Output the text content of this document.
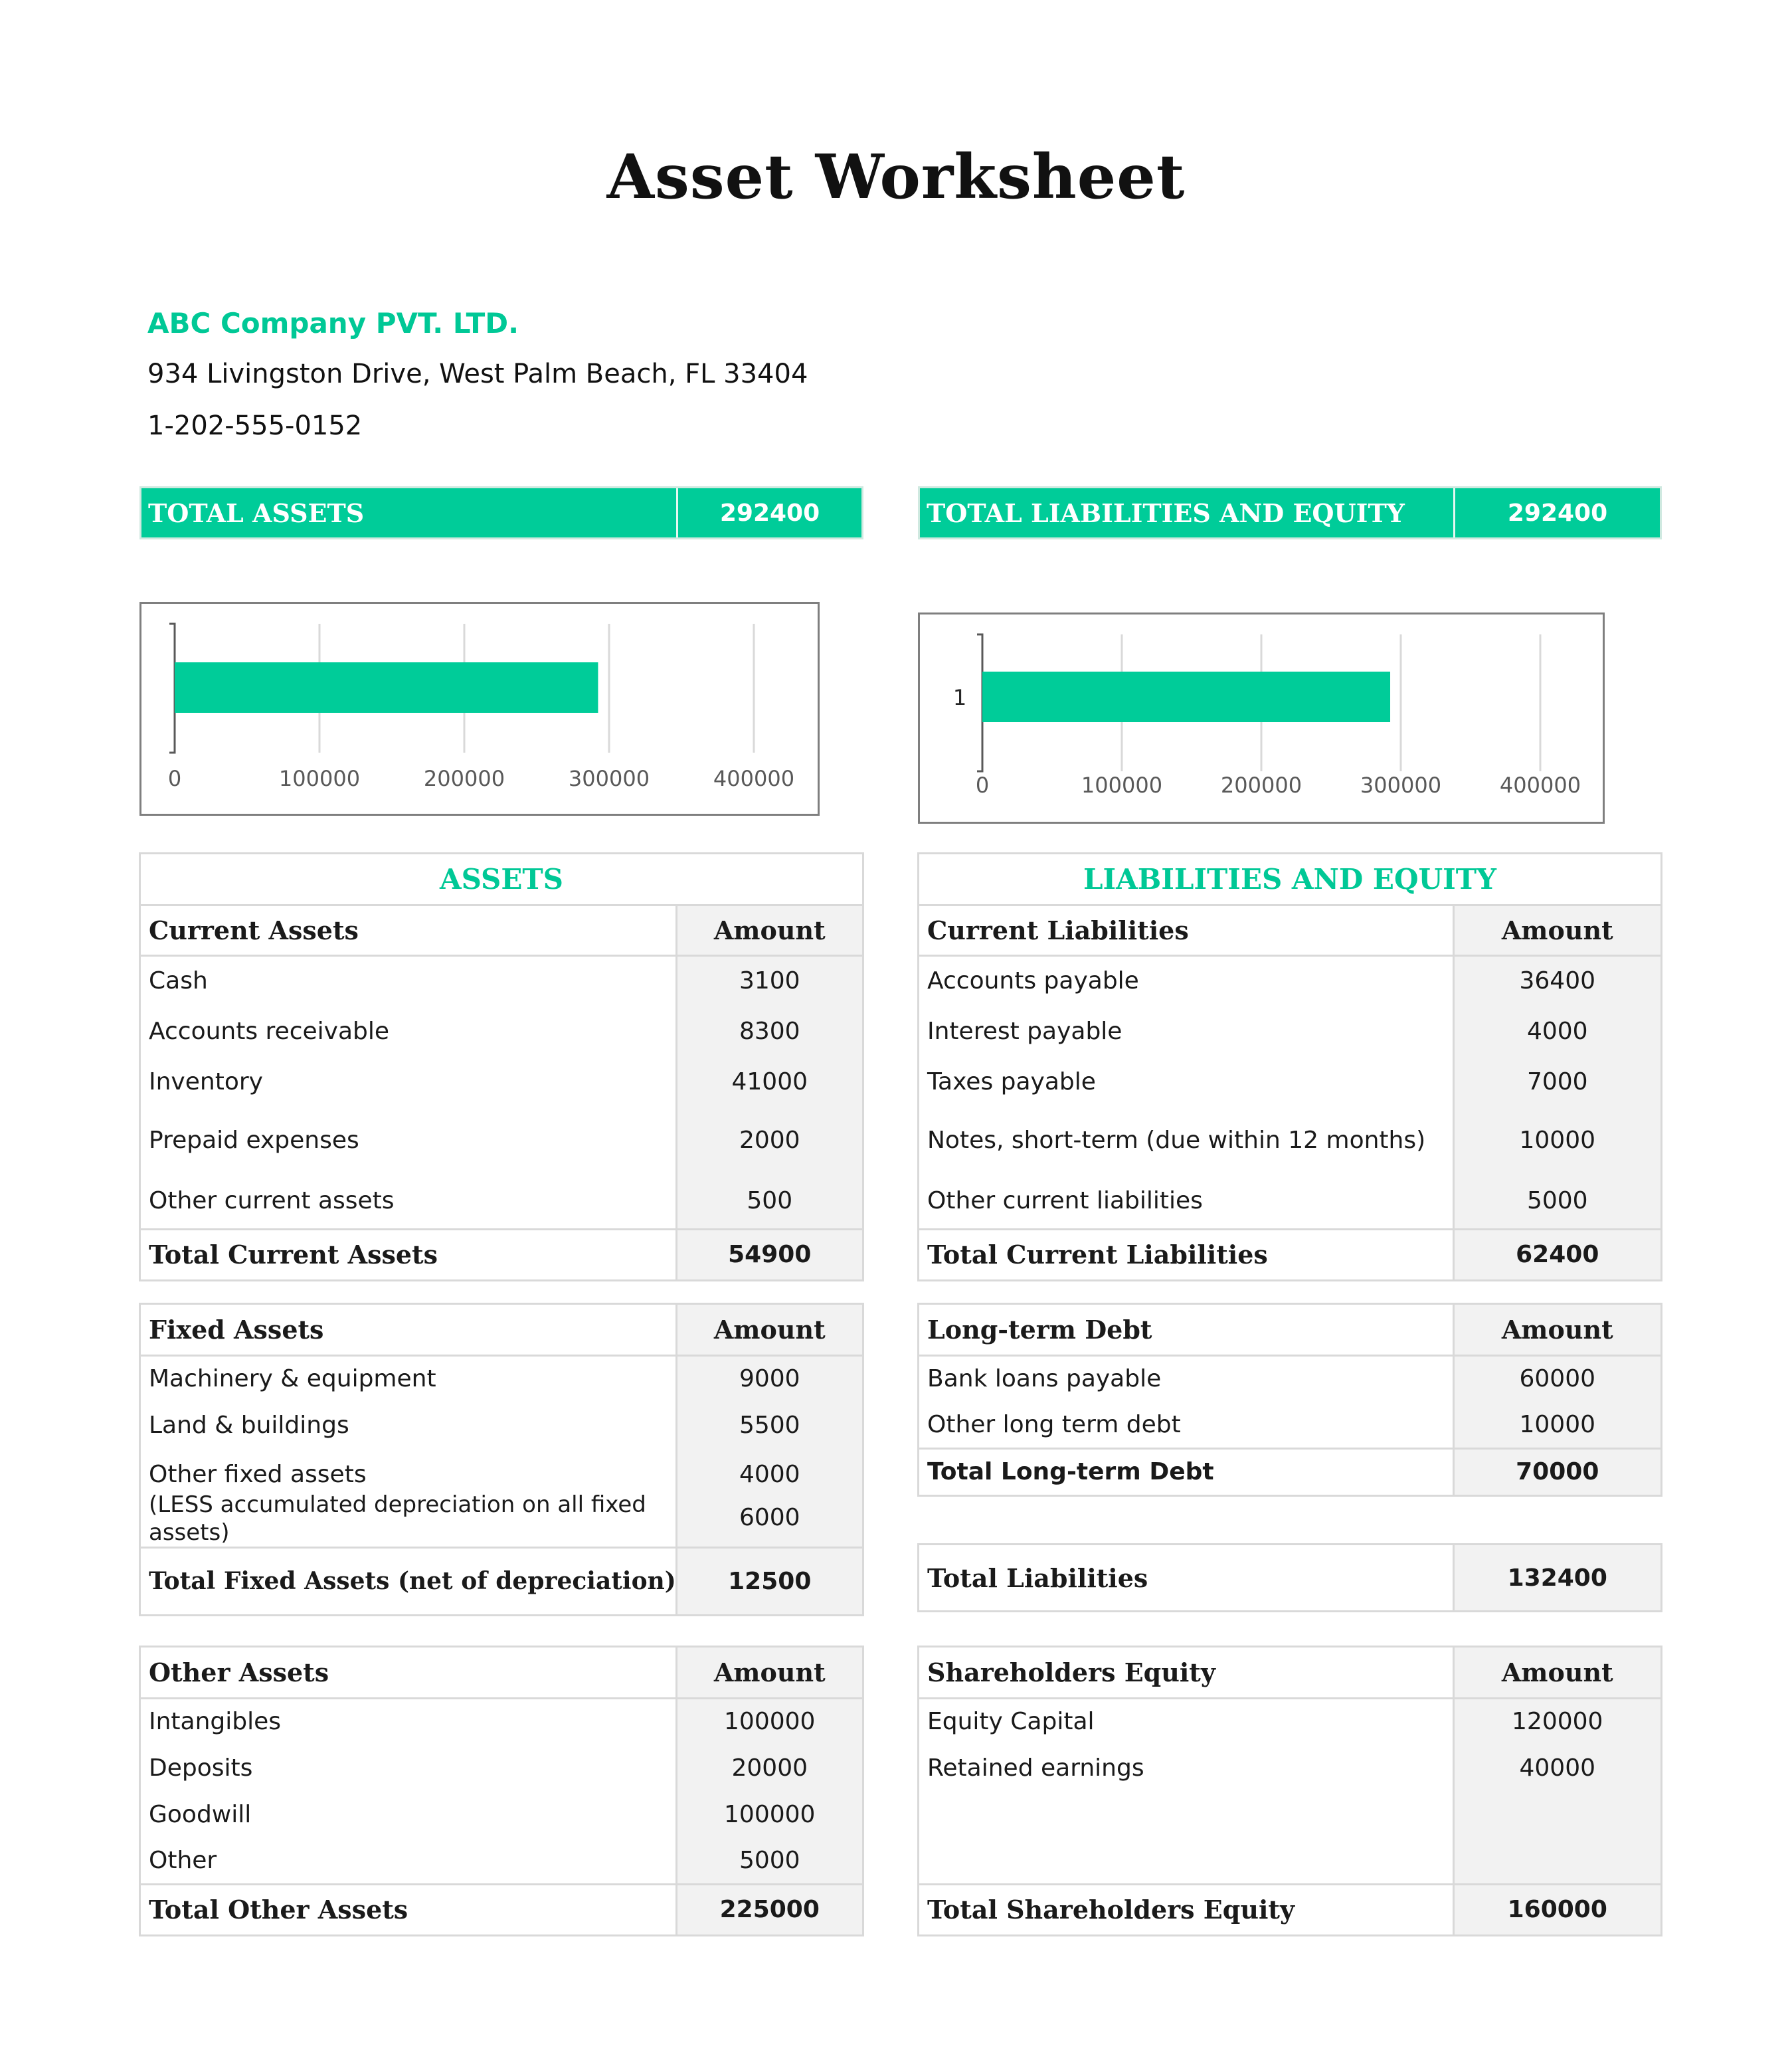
Asset Worksheet
ABC Company PVT. LTD.
934 Livingston Drive, West Palm Beach, FL 33404
1-202-555-0152
TOTAL ASSETS	292400	TOTAL LIABILITIES AND EQUITY	292400
0	100000	200000	300000	400000	0	100000	200000	300000	400000
1
ASSETS	
Current Assets	Amount
Cash	3100
Accounts receivable	8300
Inventory	41000
Prepaid expenses	2000
Other current assets	500
Total Current Assets	54900
LIABILITIES AND EQUITY	
Current Liabilities	Amount
Accounts payable	36400
Interest payable	4000
Taxes payable	7000
Notes, short-term (due within 12 months)	10000
Other current liabilities	5000
Total Current Liabilities	62400
Fixed Assets	Amount
Machinery & equipment	9000
Land & buildings	5500
Other fixed assets	4000
(LESS accumulated depreciation on all fixed assets)	6000
Total Fixed Assets (net of depreciation)	12500
Long-term Debt	Amount
Bank loans payable	60000
Other long term debt	10000
Total Long-term Debt	70000
Total Liabilities	132400
Other Assets	Amount
Intangibles	100000
Deposits	20000
Goodwill	100000
Other	5000
Total Other Assets	225000
Shareholders Equity	Amount
Equity Capital	120000
Retained earnings	40000

Total Shareholders Equity	160000
